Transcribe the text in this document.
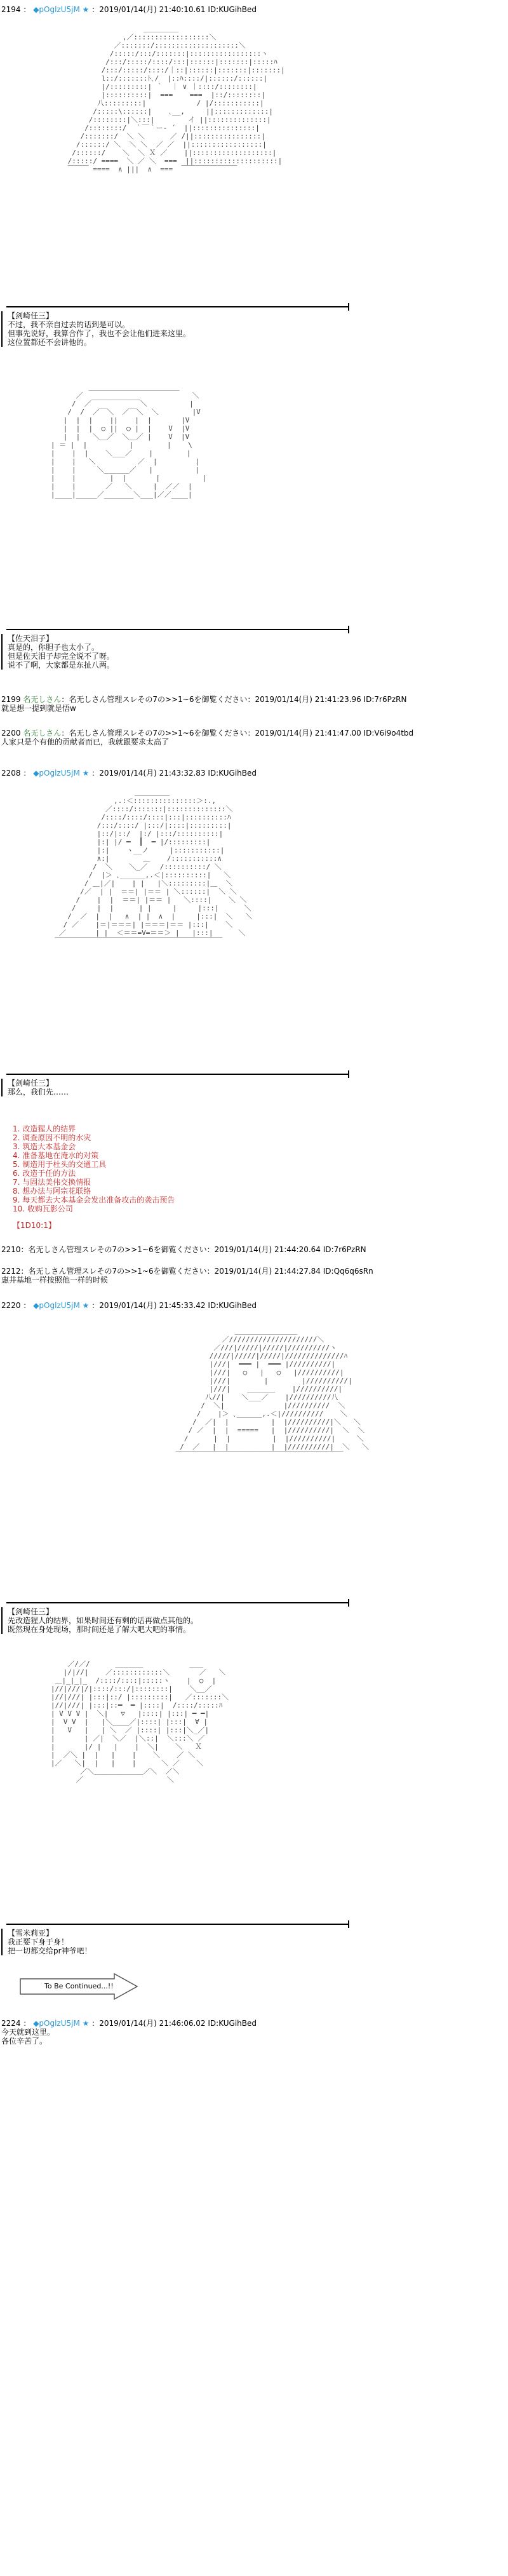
2194 ： ◆pOglzU5jM ★ ：2019/01/14(月) 21:40:10.61 ID:KUGihBed

＿＿＿＿＿
,／::::::::::::::::::＼
／:::::::/::::::::::::::::::::＼
/:::::/:::/:::::::|:::::::::::::::::ヽ
/:::/:::::/::::/:::|::::::|:::::::|:::::ﾊ
/:::/:::::/::::/｜::|::::::|:::::::|:::::::|
l::/:::::::ﾄ､/  |::ﾊ::::/|::::::/::::::|
|/:::::::::| ｀  ｜ ∨ ｜::::/::::::::|
|::::::::::|  ===    ===  |::/::::::::|
八:::::::::|            / |/:::::::::::|
/:::::\::::::|    ､__,     ||:::::::::::::|
/::::::::|＼:::|        イ ||::::::::::::::|
/::::::::/  ｀￣｀ー‐ ´  ||:::::::::::::::|
/:::::::/  ＼ ＼      ／ /||::::::::::::::::|
/::::::/ ＼  ＼ ＼  ／ ／  ||:::::::::::::::::|
/::::::/    ＼  ＼ Ｘ ／    ||:::::::::::::::::::|
/:::::/ ====  ＼ ／ ＼  ===  ||::::::::::::::::::::|
￣￣￣ ====  ∧ |||  ∧  ===  ￣￣￣￣￣￣￣￣

【剑崎任三】
不过，我不亲自过去的话到是可以。
但事先说好，我算合作了，我也不会让他们进来这里。
这位置都还不会讲他的。

＿＿＿＿＿＿＿＿＿＿＿＿＿
／                          ＼
/  ／￣￣￣￣￣￣￣＼          |
/  /  ／￣＼  ／￣＼  ＼        |V
|  |  |    ||    |  |       |V
|  |  |  ○ ||  ○ |  |    V  |V
|  |   ＼＿／  ＼＿／ |    V  |V
| ＝ |  |          |        |    \
|    |  |    ＼___／    |        |
|    |   ＼          ／  |         |
|    |     ＼______／   |          |
|    |        |  |       |          |
|    |       ／   ＼     |  ／／  |
|____|_____／_______＼___|／／____|

【佐天泪子】
真是的，你胆子也太小了。
但是佐天泪子却完全说不了呀。
说不了啊，大家都是东扯八两。
2199 名无しさん：名无しさん管理スレその7の>>1~6を御覧ください：2019/01/14(月) 21:41:23.96 ID:7r6PzRN
就是想一提到就是悟w
2200 名无しさん：名无しさん管理スレその7の>>1~6を御覧ください：2019/01/14(月) 21:41:47.00 ID:V6i9o4tbd
人家只是个有他的贡献者而已，我就跟要求太高了
2208 ： ◆pOglzU5jM ★ ：2019/01/14(月) 21:43:32.83 ID:KUGihBed

＿＿＿＿＿
,.:＜:::::::::::::::＞:.,
／::::/:::::::|::::::::::::::＼
/::::/::::/::::|:::|::::::::::ﾊ
/:::/::::/ |:::/|::::|:::::::::|
|::/|::/  |:/ |:::/::::::::::|
|:| |/ ━  ┃  ━ |/:::::::::|
|:|    ヽ__ノ     |:::::::::::|
∧:|        ＿    /:::::::::::∧
/  ＼    ＼_／   /::::::::::/ ＼
/  |＞ ､______,.＜|::::::::::|   ＼
/ ＿|／|    | |   |＼:::::::::|＿  ＼
/／  | |  ＝＝| |＝＝ | ＼::::::|  ＼ ＼
/    |  |  ＝＝| |＝＝ |   ＼::::|    ＼ ＼
/     |  |      | |     |     |:::|      ＼
/  ／  |  |   ∧  | |  ∧  |     |:::|  ＼   ＼
/ ／    |＝|＝＝＝| |＝＝＝|＝＝ |:::|    ＼
／       | |  ＜＝＝=V=＝＝＞ |   |:::|      ＼
￣￣￣￣￣￣￣￣￣￣￣￣￣￣￣￣￣￣￣￣￣￣￣￣

【剑崎任三】
那么，我们先……
1. 改造猩人的结界
2. 调查原因不明的水灾
3. 筑造大本基金会
4. 准备基地在淹水的对策
5. 制造用于杜头的交通工具
6. 改造于任的方法
7. 与固法美伟交换情报
8. 想办法与阿宗花联络
9. 每天都去大本基金会发出准备攻击的袭击预告
10. 收购瓦影公司
【1D10:1】
2210：名无しさん管理スレその7の>>1~6を御覧ください：2019/01/14(月) 21:44:20.64 ID:7r6PzRN
2212：名无しさん管理スレその7の>>1~6を御覧ください：2019/01/14(月) 21:44:27.84 ID:Qq6q6sRn
惠井基地一样按照他一样的时候
2220 ： ◆pOglzU5jM ★ ：2019/01/14(月) 21:45:33.42 ID:KUGihBed

＿＿＿＿＿＿＿＿＿
／/////////////////////＼
／///|/////|/////|//////////ヽ
/////|/////|/////|//////////////ﾊ
|///|  ━━━ |  ━━━ |//////////|
|///|   ○   |   ○   |//////////|
|///|        |        |//////////|
|///|    ＿＿＿＿    |//////////|
八//|    ＼___／    |//////////八
/  ＼|              |//////////  ＼
/    |＞ ､______,.＜|//////////    ＼
/  ／|  |          |  |//////////|＼   ＼
/ ／  |  |  =====   |  |//////////|  ＼  ＼
/      |  |          |  |//////////|     ＼
/  ／   |  |          |  |//////////|  ＼   ＼
￣￣￣￣￣￣￣￣￣￣￣￣￣￣￣￣￣￣￣￣￣￣￣￣

【剑崎任三】
先改造猩人的结界，如果时间还有剩的话再做点其他的。
既然现在身处现场，那时间还是了解大吧大吧的事情。

／/／/      ＿＿＿＿           ＿＿
|/|//|    ／::::::::::::＼       ／   ＼
＿|_|_|_  /::::/::::|:::::ヽ    |  ○  |
|//|///|/|::::/:::/|::::::::|    ＼__／
|//|///| |:::|::/ |:::::::::|   ／:::::::＼
|//|///| |:::|::━  ━ |::::|  /::::/:::::ﾊ
| V V V |  ＼|   ▽   |::::| |:::| ━ ━|
|  V V  |   |＼____／|::::| |:::|  ∀ |
|   V   |   | ＼  ／ |::::| |:::|＼_／|
|       | ／|  ＼／  |＼::|  ＼:::＼ ／
|       |/ |   |    |  ＼|    ＼   Ｘ
|  ／＼ |  |   |    |    ＼    ／ ＼
|／   ＼|  |   |    |      ＼ ／    ＼
／＼＿＿＿＿＿＿＿／＼  ／＼
／                    ＼

【雪米莉亚】
我正要下身于身！
把一切都交给pr神爷吧！
To Be Continued...!!
2224 ： ◆pOglzU5jM ★ ：2019/01/14(月) 21:46:06.02 ID:KUGihBed
今天就到这里。
各位辛苦了。
